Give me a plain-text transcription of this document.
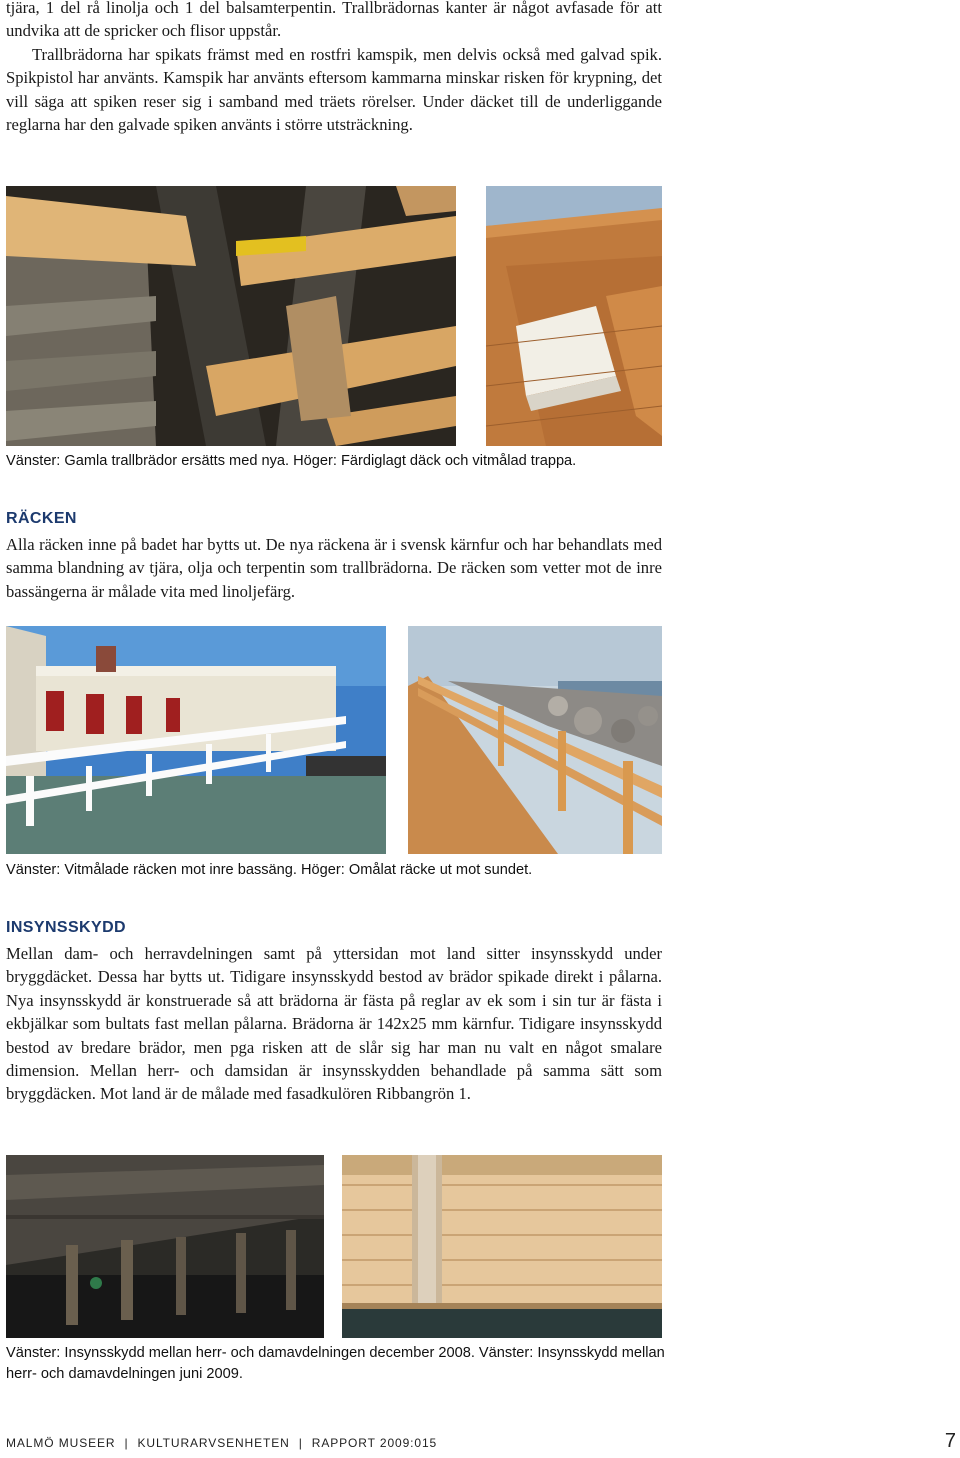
tjära, 1 del rå linolja och 1 del balsamterpentin. Trallbrädornas kanter är något avfasade för att undvika att de spricker och flisor uppstår.

Trallbrädorna har spikats främst med en rostfri kamspik, men delvis också med galvad spik. Spikpistol har använts. Kamspik har använts eftersom kammarna minskar risken för krypning, det vill säga att spiken reser sig i samband med träets rörelser. Under däcket till de underliggande reglarna har den galvade spiken använts i större utsträckning.

Vänster: Gamla trallbrädor ersätts med nya. Höger: Färdiglagt däck och vitmålad trappa.
RÄCKEN
Alla räcken inne på badet har bytts ut. De nya räckena är i svensk kärnfur och har behandlats med samma blandning av tjära, olja och terpentin som trallbrädorna. De räcken som vetter mot de inre bassängerna är målade vita med linoljefärg.
Vänster: Vitmålade räcken mot inre bassäng. Höger: Omålat räcke ut mot sundet.
INSYNSSKYDD
Mellan dam- och herravdelningen samt på yttersidan mot land sitter insynsskydd under bryggdäcket. Dessa har bytts ut. Tidigare insynsskydd bestod av brädor spikade direkt i pålarna. Nya insynsskydd är konstruerade så att brädorna är fästa på reglar av ek som i sin tur är fästa i ekbjälkar som bultats fast mellan pålarna. Brädorna är 142x25 mm kärnfur. Tidigare insynsskydd bestod av bredare brädor, men pga risken att de slår sig har man nu valt en något smalare dimension. Mellan herr- och damsidan är insynsskydden behandlade på samma sätt som bryggdäcken. Mot land är de målade med fasadkulören Ribbangrön 1.
Vänster: Insynsskydd mellan herr- och damavdelningen december 2008. Vänster: Insynsskydd mellan herr- och damavdelningen juni 2009.
MALMÖ MUSEER | KULTURARVSENHETEN | RAPPORT 2009:015	7
